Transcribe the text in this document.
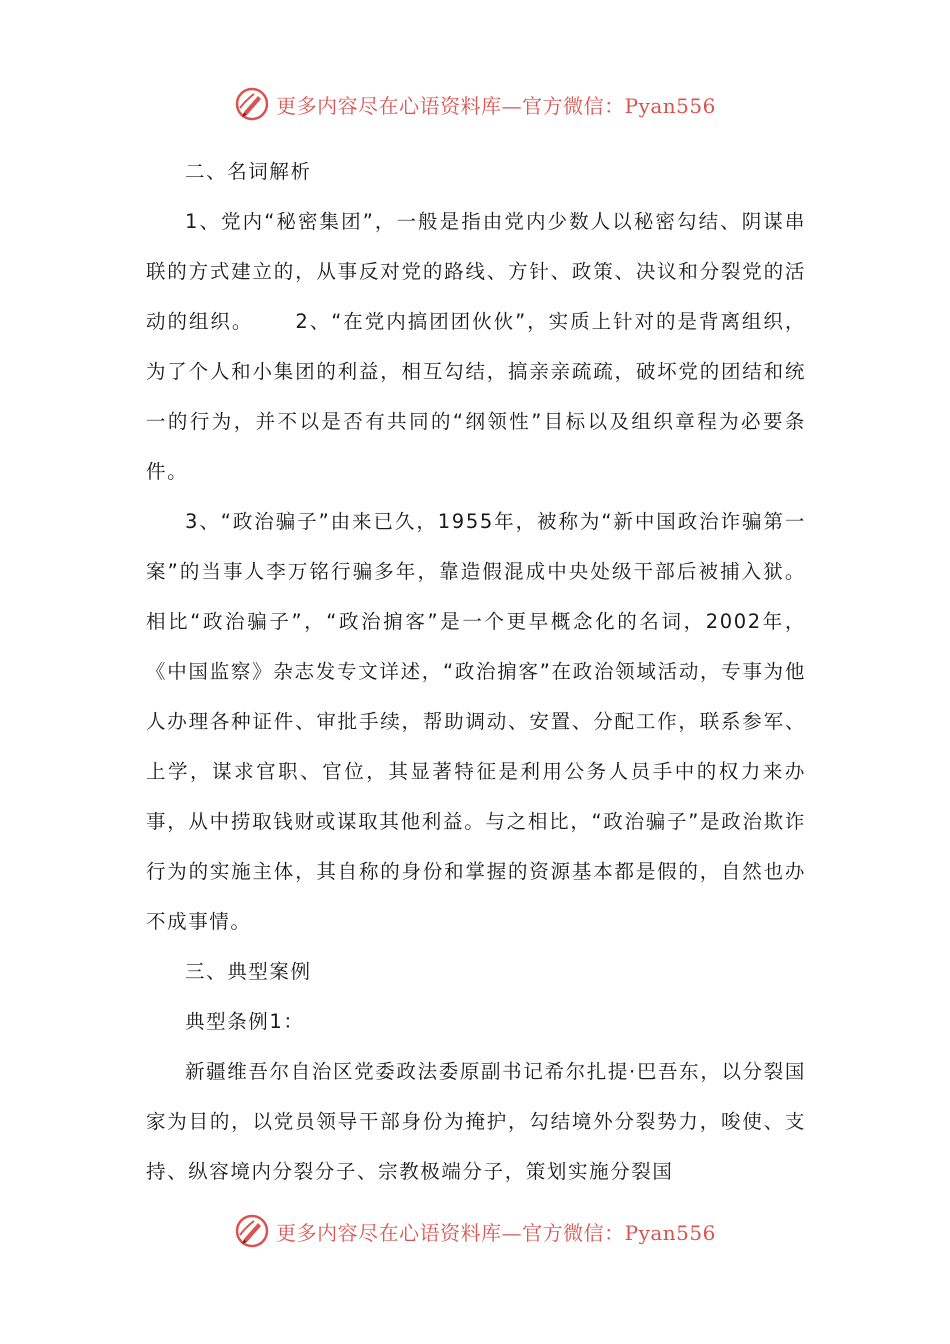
更多内容尽在心语资料库—官方微信：Pyan556

二、名词解析

1、党内“秘密集团”，一般是指由党内少数人以秘密勾结、阴谋串联的方式建立的，从事反对党的路线、方针、政策、决议和分裂党的活动的组织。 2、“在党内搞团团伙伙”，实质上针对的是背离组织，为了个人和小集团的利益，相互勾结，搞亲亲疏疏，破坏党的团结和统一的行为，并不以是否有共同的“纲领性”目标以及组织章程为必要条件。

3、“政治骗子”由来已久，1955年，被称为“新中国政治诈骗第一案”的当事人李万铭行骗多年，靠造假混成中央处级干部后被捕入狱。相比“政治骗子”，“政治掮客”是一个更早概念化的名词，2002年，《中国监察》杂志发专文详述，“政治掮客”在政治领域活动，专事为他人办理各种证件、审批手续，帮助调动、安置、分配工作，联系参军、上学，谋求官职、官位，其显著特征是利用公务人员手中的权力来办事，从中捞取钱财或谋取其他利益。与之相比，“政治骗子”是政治欺诈行为的实施主体，其自称的身份和掌握的资源基本都是假的，自然也办不成事情。

三、典型案例

典型条例1：

新疆维吾尔自治区党委政法委原副书记希尔扎提·巴吾东，以分裂国家为目的，以党员领导干部身份为掩护，勾结境外分裂势力，唆使、支持、纵容境内分裂分子、宗教极端分子，策划实施分裂国

更多内容尽在心语资料库—官方微信：Pyan556
